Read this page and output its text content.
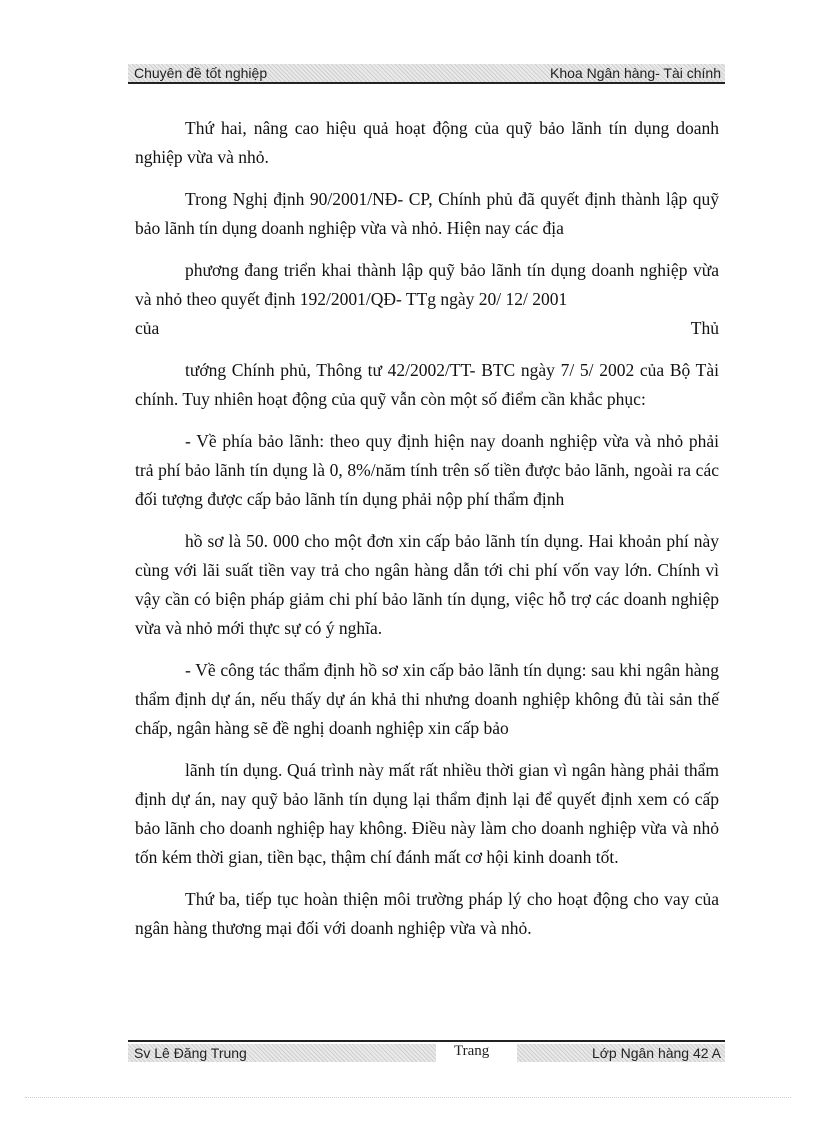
Chuyên đề tốt nghiệp	Khoa Ngân hàng- Tài chính

Thứ hai, nâng cao hiệu quả hoạt động của quỹ bảo lãnh tín dụng doanh nghiệp vừa và nhỏ.

Trong Nghị định 90/2001/NĐ- CP, Chính phủ đã quyết định thành lập quỹ bảo lãnh tín dụng doanh nghiệp vừa và nhỏ. Hiện nay các địa

phương đang triển khai thành lập quỹ bảo lãnh tín dụng doanh nghiệp vừa và nhỏ theo quyết định 192/2001/QĐ- TTg ngày 20/ 12/ 2001

của	Thủ

tướng Chính phủ, Thông tư 42/2002/TT- BTC ngày 7/ 5/ 2002 của Bộ Tài chính. Tuy nhiên hoạt động của quỹ vẫn còn một số điểm cần khắc phục:

- Về phía bảo lãnh: theo quy định hiện nay doanh nghiệp vừa và nhỏ phải trả phí bảo lãnh tín dụng là 0, 8%/năm tính trên số tiền được bảo lãnh, ngoài ra các đối tượng được cấp bảo lãnh tín dụng phải nộp phí thẩm định

hồ sơ là 50. 000 cho một đơn xin cấp bảo lãnh tín dụng. Hai khoản phí này cùng với lãi suất tiền vay trả cho ngân hàng dẫn tới chi phí vốn vay lớn. Chính vì vậy cần có biện pháp giảm chi phí bảo lãnh tín dụng, việc hỗ trợ các doanh nghiệp vừa và nhỏ mới thực sự có ý nghĩa.

- Về công tác thẩm định hồ sơ xin cấp bảo lãnh tín dụng: sau khi ngân hàng thẩm định dự án, nếu thấy dự án khả thi nhưng doanh nghiệp không đủ tài sản thế chấp, ngân hàng sẽ đề nghị doanh nghiệp xin cấp bảo

lãnh tín dụng. Quá trình này mất rất nhiều thời gian vì ngân hàng phải thẩm định dự án, nay quỹ bảo lãnh tín dụng lại thẩm định lại để quyết định xem có cấp bảo lãnh cho doanh nghiệp hay không. Điều này làm cho doanh nghiệp vừa và nhỏ tốn kém thời gian, tiền bạc, thậm chí đánh mất cơ hội kinh doanh tốt.

Thứ ba, tiếp tục hoàn thiện môi trường pháp lý cho hoạt động cho vay của ngân hàng thương mại đối với doanh nghiệp vừa và nhỏ.

Sv Lê Đăng Trung	Trang	Lớp Ngân hàng 42 A
